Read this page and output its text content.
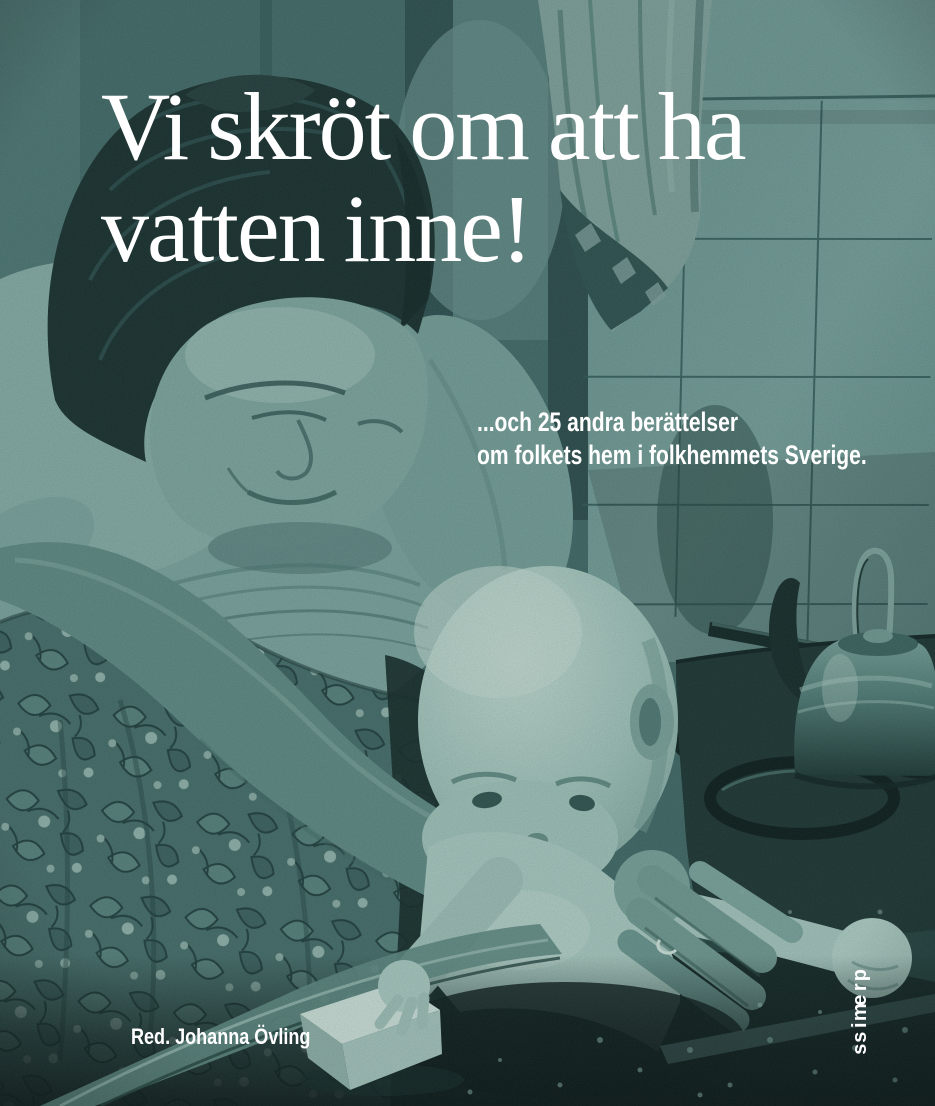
Vi skröt om att ha
vatten inne!
...och 25 andra berättelser
om folkets hem i folkhemmets Sverige.
Red. Johanna Övling
p
r
e
m
i
s
s
